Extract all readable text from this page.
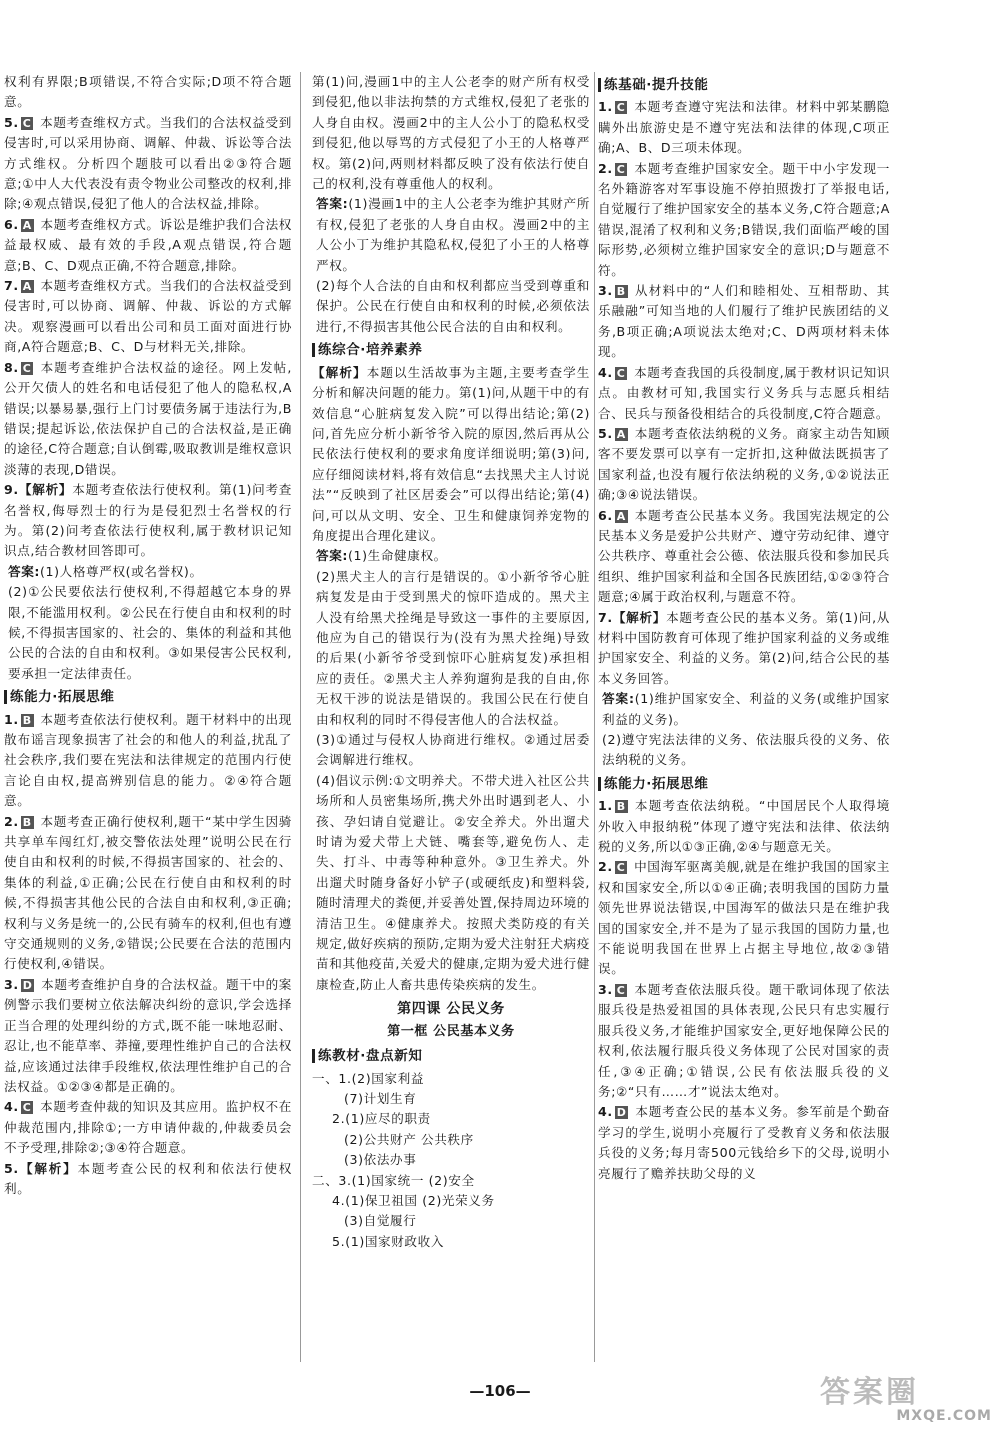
权利有界限;B项错误,不符合实际;D项不符合题意。

5. C 本题考查维权方式。当我们的合法权益受到侵害时,可以采用协商、调解、仲裁、诉讼等合法方式维权。分析四个题肢可以看出②③符合题意;①中人大代表没有责令物业公司整改的权利,排除;④观点错误,侵犯了他人的合法权益,排除。

6. A 本题考查维权方式。诉讼是维护我们合法权益最权威、最有效的手段,A观点错误,符合题意;B、C、D观点正确,不符合题意,排除。

7. A 本题考查维权方式。当我们的合法权益受到侵害时,可以协商、调解、仲裁、诉讼的方式解决。观察漫画可以看出公司和员工面对面进行协商,A符合题意;B、C、D与材料无关,排除。

8. C 本题考查维护合法权益的途径。网上发帖,公开欠债人的姓名和电话侵犯了他人的隐私权,A错误;以暴易暴,强行上门讨要债务属于违法行为,B错误;提起诉讼,依法保护自己的合法权益,是正确的途径,C符合题意;自认倒霉,吸取教训是维权意识淡薄的表现,D错误。

9.【解析】本题考查依法行使权利。第(1)问考查名誉权,侮辱烈士的行为是侵犯烈士名誉权的行为。第(2)问考查依法行使权利,属于教材识记知识点,结合教材回答即可。

答案:(1)人格尊严权(或名誉权)。

(2)①公民要依法行使权利,不得超越它本身的界限,不能滥用权利。②公民在行使自由和权利的时候,不得损害国家的、社会的、集体的利益和其他公民的合法的自由和权利。③如果侵害公民权利,要承担一定法律责任。

练能力·拓展思维

1. B 本题考查依法行使权利。题干材料中的出现散布谣言现象损害了社会的和他人的利益,扰乱了社会秩序,我们要在宪法和法律规定的范围内行使言论自由权,提高辨别信息的能力。②④符合题意。

2. B 本题考查正确行使权利,题干“某中学生因骑共享单车闯红灯,被交警依法处理”说明公民在行使自由和权利的时候,不得损害国家的、社会的、集体的利益,①正确;公民在行使自由和权利的时候,不得损害其他公民的合法自由和权利,③正确;权利与义务是统一的,公民有骑车的权利,但也有遵守交通规则的义务,②错误;公民要在合法的范围内行使权利,④错误。

3. D 本题考查维护自身的合法权益。题干中的案例警示我们要树立依法解决纠纷的意识,学会选择正当合理的处理纠纷的方式,既不能一味地忍耐、忍让,也不能草率、莽撞,要理性维护自己的合法权益,应该通过法律手段维权,依法理性维护自己的合法权益。①②③④都是正确的。

4. C 本题考查仲裁的知识及其应用。监护权不在仲裁范围内,排除①;一方申请仲裁的,仲裁委员会不予受理,排除②;③④符合题意。

5.【解析】本题考查公民的权利和依法行使权利。

第(1)问,漫画1中的主人公老李的财产所有权受到侵犯,他以非法拘禁的方式维权,侵犯了老张的人身自由权。漫画2中的主人公小丁的隐私权受到侵犯,他以辱骂的方式侵犯了小王的人格尊严权。第(2)问,两则材料都反映了没有依法行使自己的权利,没有尊重他人的权利。

答案:(1)漫画1中的主人公老李为维护其财产所有权,侵犯了老张的人身自由权。漫画2中的主人公小丁为维护其隐私权,侵犯了小王的人格尊严权。

(2)每个人合法的自由和权利都应当受到尊重和保护。公民在行使自由和权利的时候,必须依法进行,不得损害其他公民合法的自由和权利。

练综合·培养素养

【解析】本题以生活故事为主题,主要考查学生分析和解决问题的能力。第(1)问,从题干中的有效信息“心脏病复发入院”可以得出结论;第(2)问,首先应分析小新爷爷入院的原因,然后再从公民依法行使权利的要求角度详细说明;第(3)问,应仔细阅读材料,将有效信息“去找黑犬主人讨说法”“反映到了社区居委会”可以得出结论;第(4)问,可以从文明、安全、卫生和健康饲养宠物的角度提出合理化建议。

答案:(1)生命健康权。

(2)黑犬主人的言行是错误的。①小新爷爷心脏病复发是由于受到黑犬的惊吓造成的。黑犬主人没有给黑犬拴绳是导致这一事件的主要原因,他应为自己的错误行为(没有为黑犬拴绳)导致的后果(小新爷爷受到惊吓心脏病复发)承担相应的责任。②黑犬主人养狗遛狗是我的自由,你无权干涉的说法是错误的。我国公民在行使自由和权利的同时不得侵害他人的合法权益。

(3)①通过与侵权人协商进行维权。②通过居委会调解进行维权。

(4)倡议示例:①文明养犬。不带犬进入社区公共场所和人员密集场所,携犬外出时遇到老人、小孩、孕妇请自觉避让。②安全养犬。外出遛犬时请为爱犬带上犬链、嘴套等,避免伤人、走失、打斗、中毒等种种意外。③卫生养犬。外出遛犬时随身备好小铲子(或硬纸皮)和塑料袋,随时清理犬的粪便,并妥善处置,保持周边环境的清洁卫生。④健康养犬。按照犬类防疫的有关规定,做好疾病的预防,定期为爱犬注射狂犬病疫苗和其他疫苗,关爱犬的健康,定期为爱犬进行健康检查,防止人畜共患传染疾病的发生。

第四课 公民义务
第一框 公民基本义务
练教材·盘点新知

一、1.(2)国家利益

(7)计划生育

2.(1)应尽的职责

(2)公共财产 公共秩序

(3)依法办事

二、3.(1)国家统一 (2)安全

4.(1)保卫祖国 (2)光荣义务

(3)自觉履行

5.(1)国家财政收入

练基础·提升技能

1. C 本题考查遵守宪法和法律。材料中郭某鹏隐瞒外出旅游史是不遵守宪法和法律的体现,C项正确;A、B、D三项未体现。

2. C 本题考查维护国家安全。题干中小宇发现一名外籍游客对军事设施不停拍照拨打了举报电话,自觉履行了维护国家安全的基本义务,C符合题意;A错误,混淆了权利和义务;B错误,我们面临严峻的国际形势,必须树立维护国家安全的意识;D与题意不符。

3. B 从材料中的“人们和睦相处、互相帮助、其乐融融”可知当地的人们履行了维护民族团结的义务,B项正确;A项说法太绝对;C、D两项材料未体现。

4. C 本题考查我国的兵役制度,属于教材识记知识点。由教材可知,我国实行义务兵与志愿兵相结合、民兵与预备役相结合的兵役制度,C符合题意。

5. A 本题考查依法纳税的义务。商家主动告知顾客不要发票可以享有一定折扣,这种做法既损害了国家利益,也没有履行依法纳税的义务,①②说法正确;③④说法错误。

6. A 本题考查公民基本义务。我国宪法规定的公民基本义务是爱护公共财产、遵守劳动纪律、遵守公共秩序、尊重社会公德、依法服兵役和参加民兵组织、维护国家利益和全国各民族团结,①②③符合题意;④属于政治权利,与题意不符。

7.【解析】本题考查公民的基本义务。第(1)问,从材料中国防教育可体现了维护国家利益的义务或维护国家安全、利益的义务。第(2)问,结合公民的基本义务回答。

答案:(1)维护国家安全、利益的义务(或维护国家利益的义务)。

(2)遵守宪法法律的义务、依法服兵役的义务、依法纳税的义务。

练能力·拓展思维

1. B 本题考查依法纳税。“中国居民个人取得境外收入申报纳税”体现了遵守宪法和法律、依法纳税的义务,所以①③正确,②④与题意无关。

2. C 中国海军驱离美舰,就是在维护我国的国家主权和国家安全,所以①④正确;表明我国的国防力量领先世界说法错误,中国海军的做法只是在维护我国的国家安全,并不是为了显示我国的国防力量,也不能说明我国在世界上占据主导地位,故②③错误。

3. C 本题考查依法服兵役。题干歌词体现了依法服兵役是热爱祖国的具体表现,公民只有忠实履行服兵役义务,才能维护国家安全,更好地保障公民的权利,依法履行服兵役义务体现了公民对国家的责任,③④正确;①错误,公民有依法服兵役的义务;②“只有……才”说法太绝对。

4. D 本题考查公民的基本义务。参军前是个勤奋学习的学生,说明小亮履行了受教育义务和依法服兵役的义务;每月寄500元钱给乡下的父母,说明小亮履行了赡养扶助父母的义

—106—	答案圈
MXQE.COM
